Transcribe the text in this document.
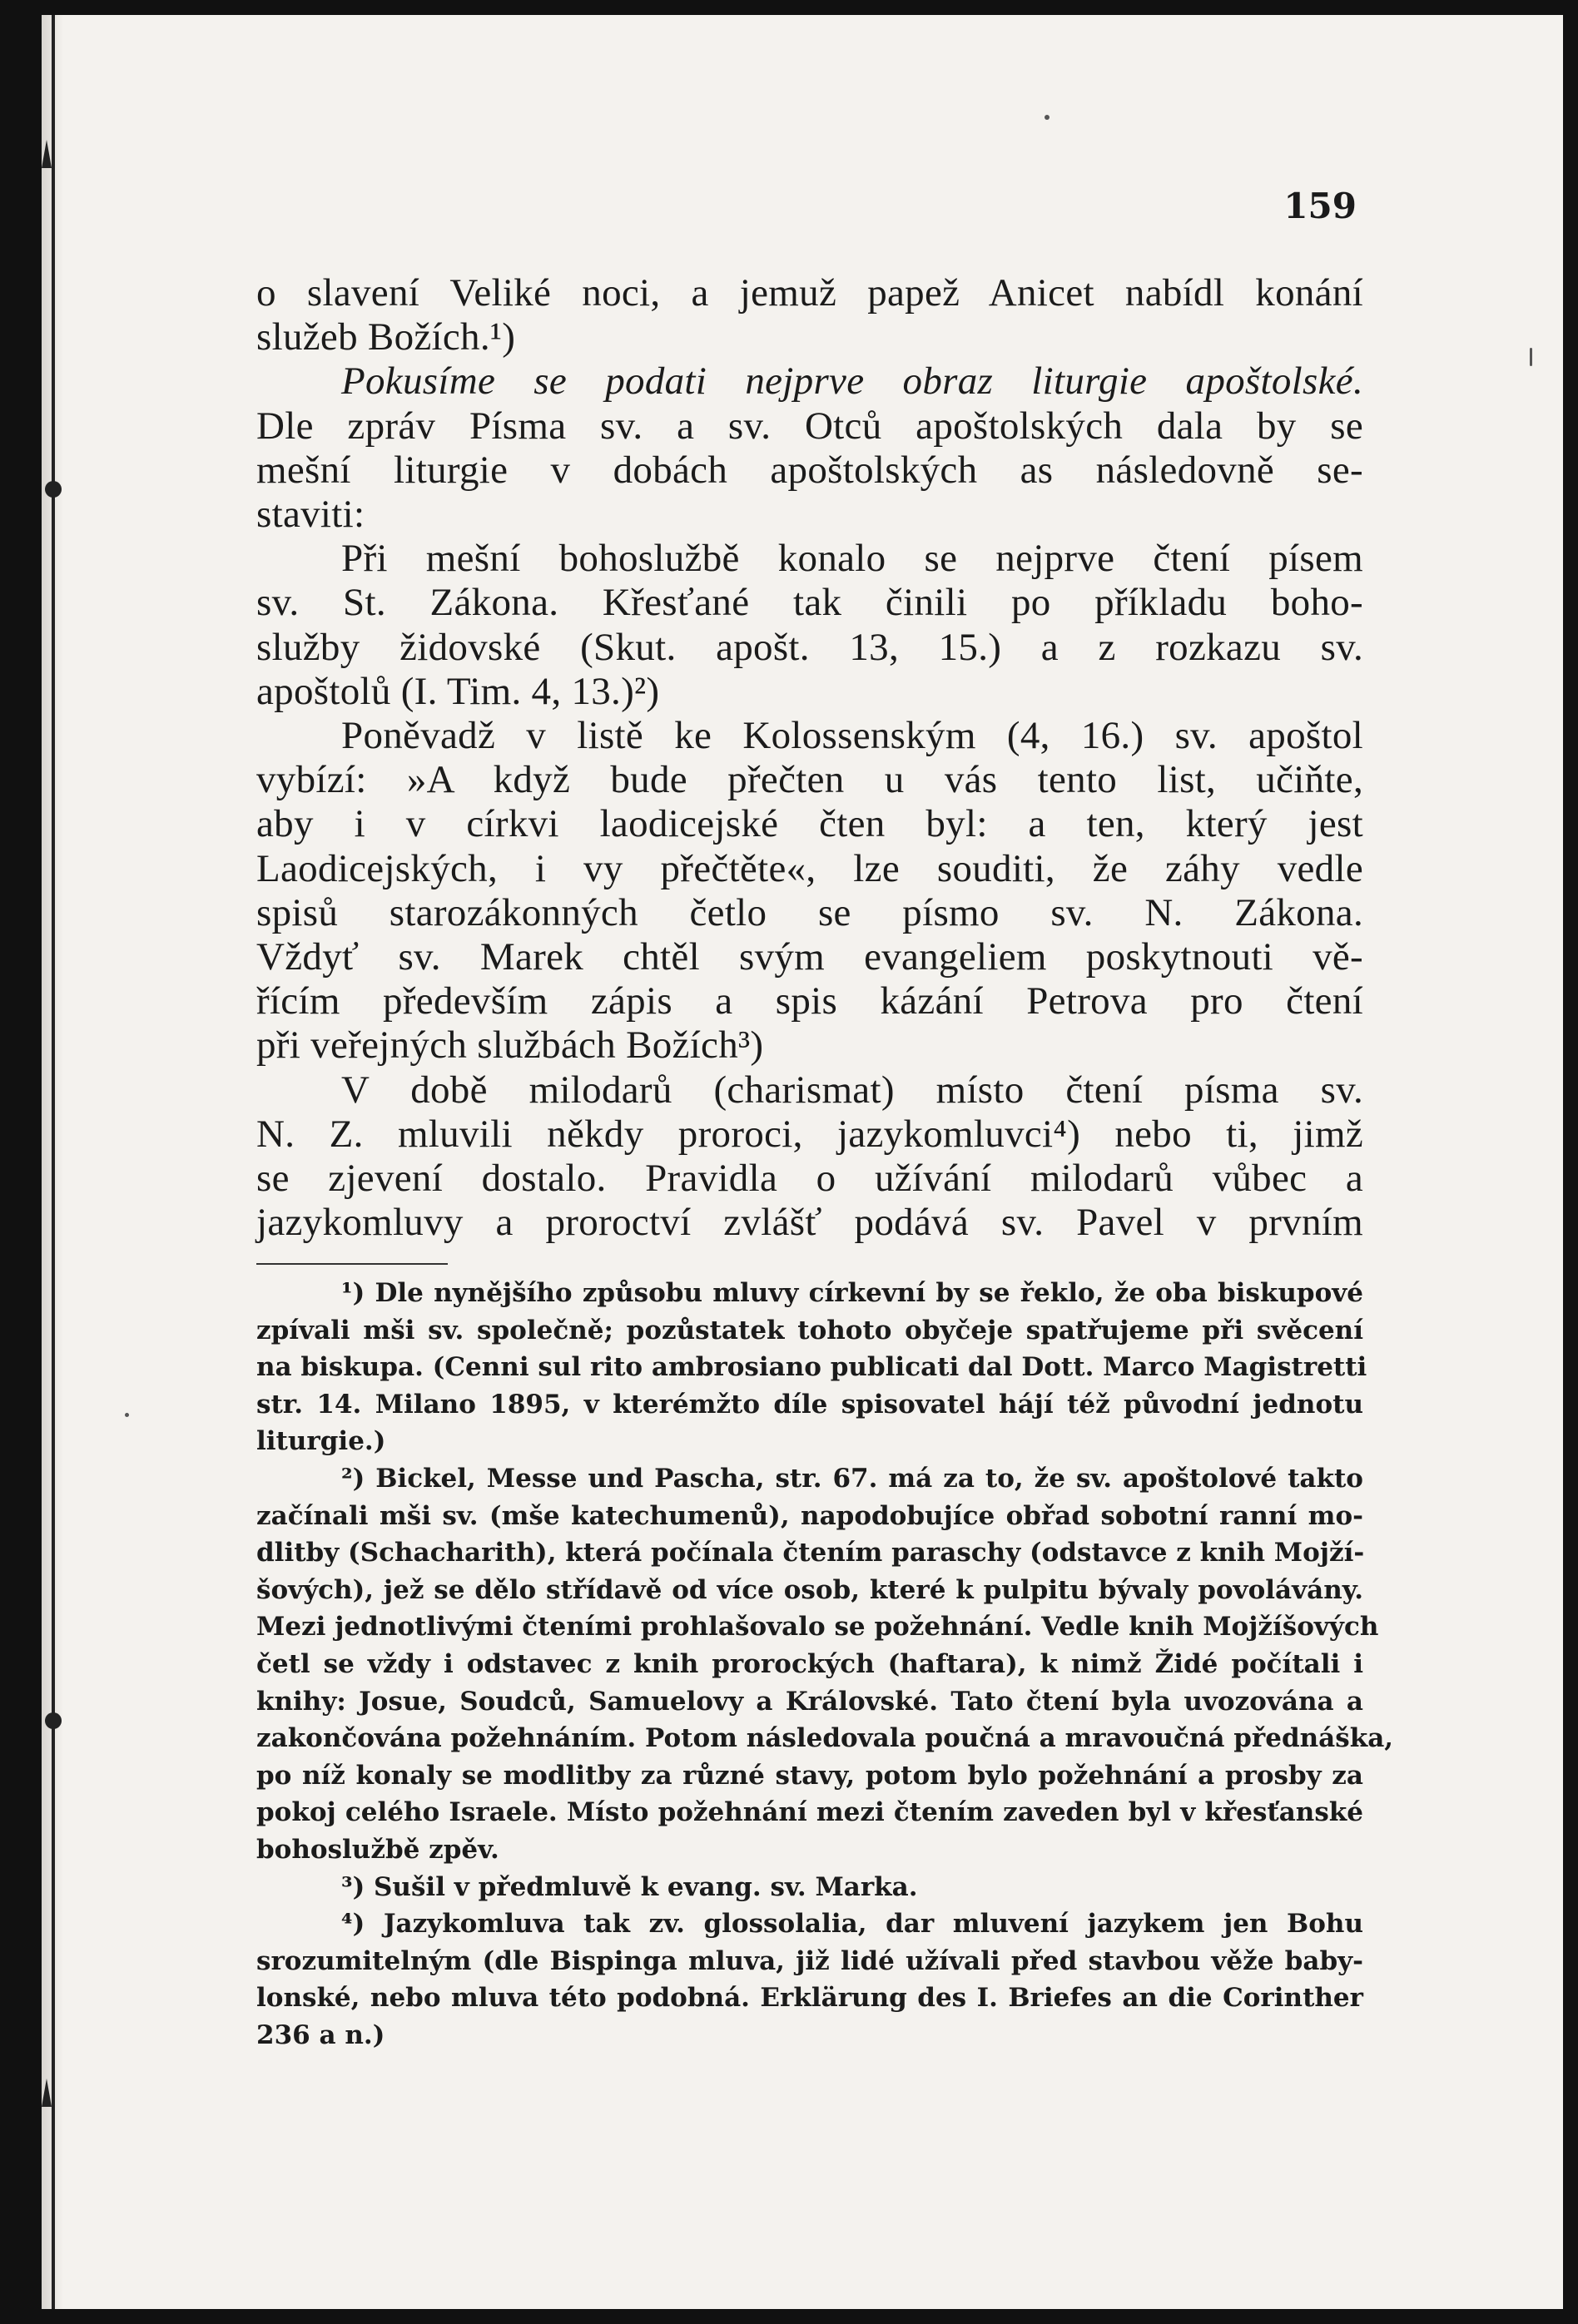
159
o slavení Veliké noci, a jemuž papež Anicet nabídl konání
služeb Božích.¹)
Pokusíme se podati nejprve obraz liturgie apoštolské.
Dle zpráv Písma sv. a sv. Otců apoštolských dala by se
mešní liturgie v dobách apoštolských as následovně se-
staviti:
Při mešní bohoslužbě konalo se nejprve čtení písem
sv. St. Zákona. Křesťané tak činili po příkladu boho-
služby židovské (Skut. apošt. 13, 15.) a z rozkazu sv.
apoštolů (I. Tim. 4, 13.)²)
Poněvadž v listě ke Kolossenským (4, 16.) sv. apoštol
vybízí: »A když bude přečten u vás tento list, učiňte,
aby i v církvi laodicejské čten byl: a ten, který jest
Laodicejských, i vy přečtěte«, lze souditi, že záhy vedle
spisů starozákonných četlo se písmo sv. N. Zákona.
Vždyť sv. Marek chtěl svým evangeliem poskytnouti vě-
řícím především zápis a spis kázání Petrova pro čtení
při veřejných službách Božích³)
V době milodarů (charismat) místo čtení písma sv.
N. Z. mluvili někdy proroci, jazykomluvci⁴) nebo ti, jimž
se zjevení dostalo. Pravidla o užívání milodarů vůbec a
jazykomluvy a proroctví zvlášť podává sv. Pavel v prvním
¹) Dle nynějšího způsobu mluvy církevní by se řeklo, že oba biskupové
zpívali mši sv. společně; pozůstatek tohoto obyčeje spatřujeme při svěcení
na biskupa. (Cenni sul rito ambrosiano publicati dal Dott. Marco Magistretti
str. 14. Milano 1895, v kterémžto díle spisovatel hájí též původní jednotu
liturgie.)
²) Bickel, Messe und Pascha, str. 67. má za to, že sv. apoštolové takto
začínali mši sv. (mše katechumenů), napodobujíce obřad sobotní ranní mo-
dlitby (Schacharith), která počínala čtením paraschy (odstavce z knih Mojží-
šových), jež se dělo střídavě od více osob, které k pulpitu bývaly povolávány.
Mezi jednotlivými čteními prohlašovalo se požehnání. Vedle knih Mojžíšových
četl se vždy i odstavec z knih prorockých (haftara), k nimž Židé počítali i
knihy: Josue, Soudců, Samuelovy a Královské. Tato čtení byla uvozována a
zakončována požehnáním. Potom následovala poučná a mravoučná přednáška,
po níž konaly se modlitby za různé stavy, potom bylo požehnání a prosby za
pokoj celého Israele. Místo požehnání mezi čtením zaveden byl v křesťanské
bohoslužbě zpěv.
³) Sušil v předmluvě k evang. sv. Marka.
⁴) Jazykomluva tak zv. glossolalia, dar mluvení jazykem jen Bohu
srozumitelným (dle Bispinga mluva, již lidé užívali před stavbou věže baby-
lonské, nebo mluva této podobná. Erklärung des I. Briefes an die Corinther
236 a n.)
